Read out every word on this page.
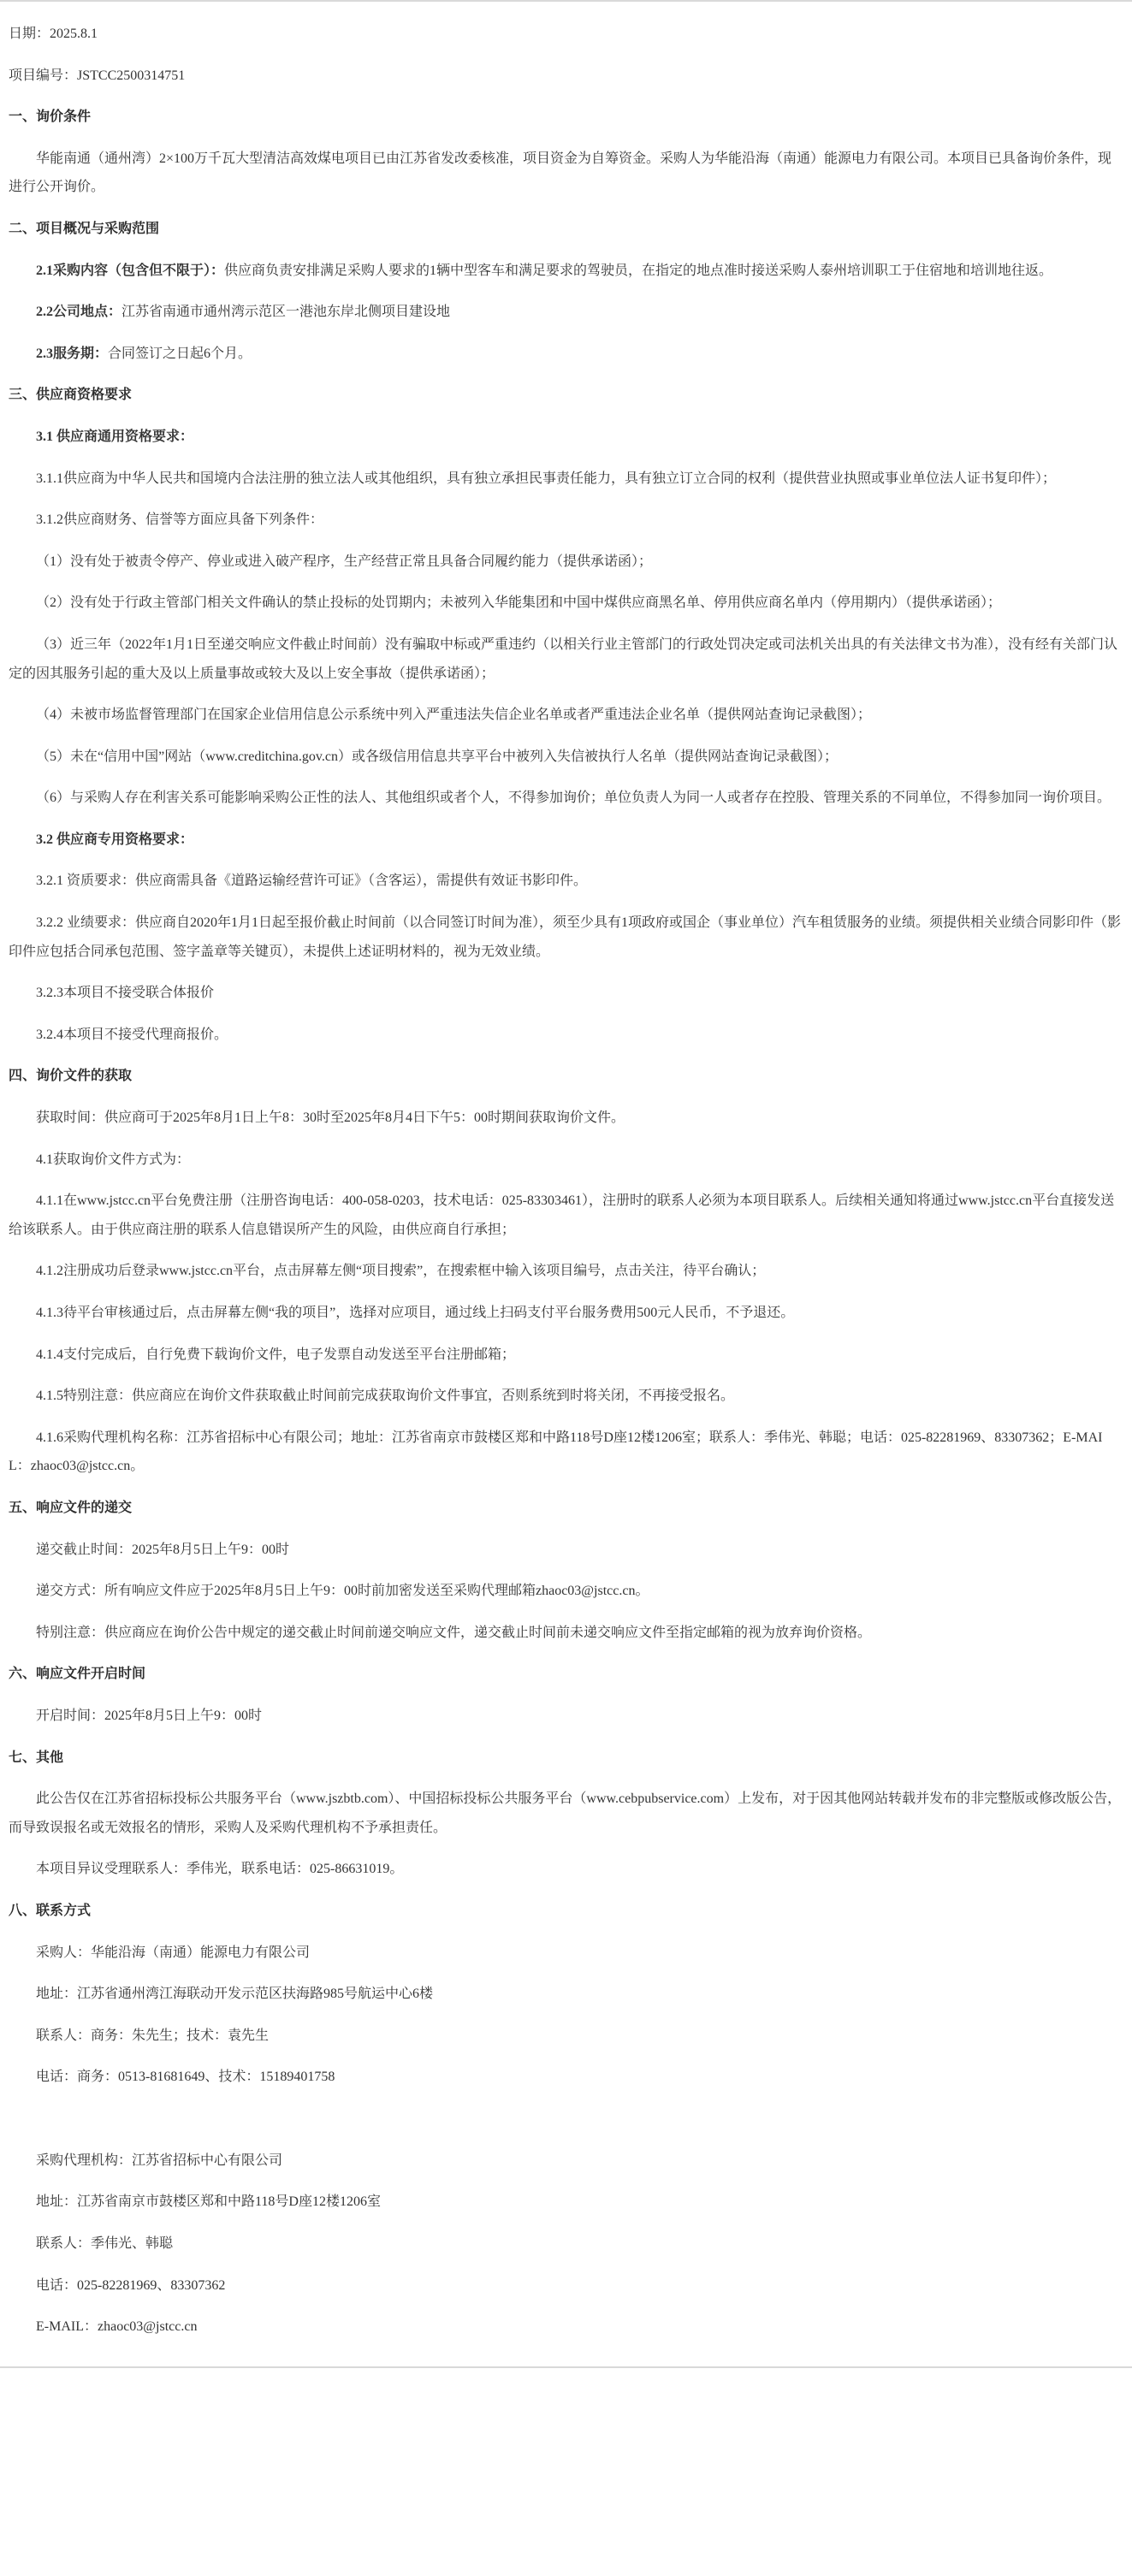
日期：2025.8.1

项目编号：JSTCC2500314751

一、询价条件

华能南通（通州湾）2×100万千瓦大型清洁高效煤电项目已由江苏省发改委核准，项目资金为自筹资金。采购人为华能沿海（南通）能源电力有限公司。本项目已具备询价条件，现进行公开询价。

二、项目概况与采购范围

2.1采购内容（包含但不限于）：供应商负责安排满足采购人要求的1辆中型客车和满足要求的驾驶员，在指定的地点准时接送采购人泰州培训职工于住宿地和培训地往返。

2.2公司地点：江苏省南通市通州湾示范区一港池东岸北侧项目建设地

2.3服务期：合同签订之日起6个月。

三、供应商资格要求

3.1 供应商通用资格要求：

3.1.1供应商为中华人民共和国境内合法注册的独立法人或其他组织，具有独立承担民事责任能力，具有独立订立合同的权利（提供营业执照或事业单位法人证书复印件）；

3.1.2供应商财务、信誉等方面应具备下列条件：

（1）没有处于被责令停产、停业或进入破产程序，生产经营正常且具备合同履约能力（提供承诺函）；

（2）没有处于行政主管部门相关文件确认的禁止投标的处罚期内；未被列入华能集团和中国中煤供应商黑名单、停用供应商名单内（停用期内）（提供承诺函）；

（3）近三年（2022年1月1日至递交响应文件截止时间前）没有骗取中标或严重违约（以相关行业主管部门的行政处罚决定或司法机关出具的有关法律文书为准），没有经有关部门认定的因其服务引起的重大及以上质量事故或较大及以上安全事故（提供承诺函）；

（4）未被市场监督管理部门在国家企业信用信息公示系统中列入严重违法失信企业名单或者严重违法企业名单（提供网站查询记录截图）；

（5）未在“信用中国”网站（www.creditchina.gov.cn）或各级信用信息共享平台中被列入失信被执行人名单（提供网站查询记录截图）；

（6）与采购人存在利害关系可能影响采购公正性的法人、其他组织或者个人，不得参加询价；单位负责人为同一人或者存在控股、管理关系的不同单位，不得参加同一询价项目。

3.2 供应商专用资格要求：

3.2.1 资质要求：供应商需具备《道路运输经营许可证》（含客运），需提供有效证书影印件。

3.2.2 业绩要求：供应商自2020年1月1日起至报价截止时间前（以合同签订时间为准），须至少具有1项政府或国企（事业单位）汽车租赁服务的业绩。须提供相关业绩合同影印件（影印件应包括合同承包范围、签字盖章等关键页），未提供上述证明材料的，视为无效业绩。

3.2.3本项目不接受联合体报价

3.2.4本项目不接受代理商报价。

四、询价文件的获取

获取时间：供应商可于2025年8月1日上午8：30时至2025年8月4日下午5：00时期间获取询价文件。

4.1获取询价文件方式为：

4.1.1在www.jstcc.cn平台免费注册（注册咨询电话：400-058-0203，技术电话：025-83303461），注册时的联系人必须为本项目联系人。后续相关通知将通过www.jstcc.cn平台直接发送给该联系人。由于供应商注册的联系人信息错误所产生的风险，由供应商自行承担；

4.1.2注册成功后登录www.jstcc.cn平台，点击屏幕左侧“项目搜索”，在搜索框中输入该项目编号，点击关注，待平台确认；

4.1.3待平台审核通过后，点击屏幕左侧“我的项目”，选择对应项目，通过线上扫码支付平台服务费用500元人民币，不予退还。

4.1.4支付完成后，自行免费下载询价文件，电子发票自动发送至平台注册邮箱；

4.1.5特别注意：供应商应在询价文件获取截止时间前完成获取询价文件事宜，否则系统到时将关闭，不再接受报名。

4.1.6采购代理机构名称：江苏省招标中心有限公司；地址：江苏省南京市鼓楼区郑和中路118号D座12楼1206室；联系人：季伟光、韩聪；电话：025-82281969、83307362；E-MAIL：zhaoc03@jstcc.cn。

五、响应文件的递交

递交截止时间：2025年8月5日上午9：00时

递交方式：所有响应文件应于2025年8月5日上午9：00时前加密发送至采购代理邮箱zhaoc03@jstcc.cn。

特别注意：供应商应在询价公告中规定的递交截止时间前递交响应文件，递交截止时间前未递交响应文件至指定邮箱的视为放弃询价资格。

六、响应文件开启时间

开启时间：2025年8月5日上午9：00时

七、其他

此公告仅在江苏省招标投标公共服务平台（www.jszbtb.com）、中国招标投标公共服务平台（www.cebpubservice.com）上发布，对于因其他网站转载并发布的非完整版或修改版公告，而导致误报名或无效报名的情形，采购人及采购代理机构不予承担责任。

本项目异议受理联系人：季伟光，联系电话：025-86631019。

八、联系方式

采购人：华能沿海（南通）能源电力有限公司

地址：江苏省通州湾江海联动开发示范区扶海路985号航运中心6楼

联系人：商务：朱先生；技术：袁先生

电话：商务：0513-81681649、技术：15189401758

采购代理机构：江苏省招标中心有限公司

地址：江苏省南京市鼓楼区郑和中路118号D座12楼1206室

联系人：季伟光、韩聪

电话：025-82281969、83307362

E-MAIL：zhaoc03@jstcc.cn
